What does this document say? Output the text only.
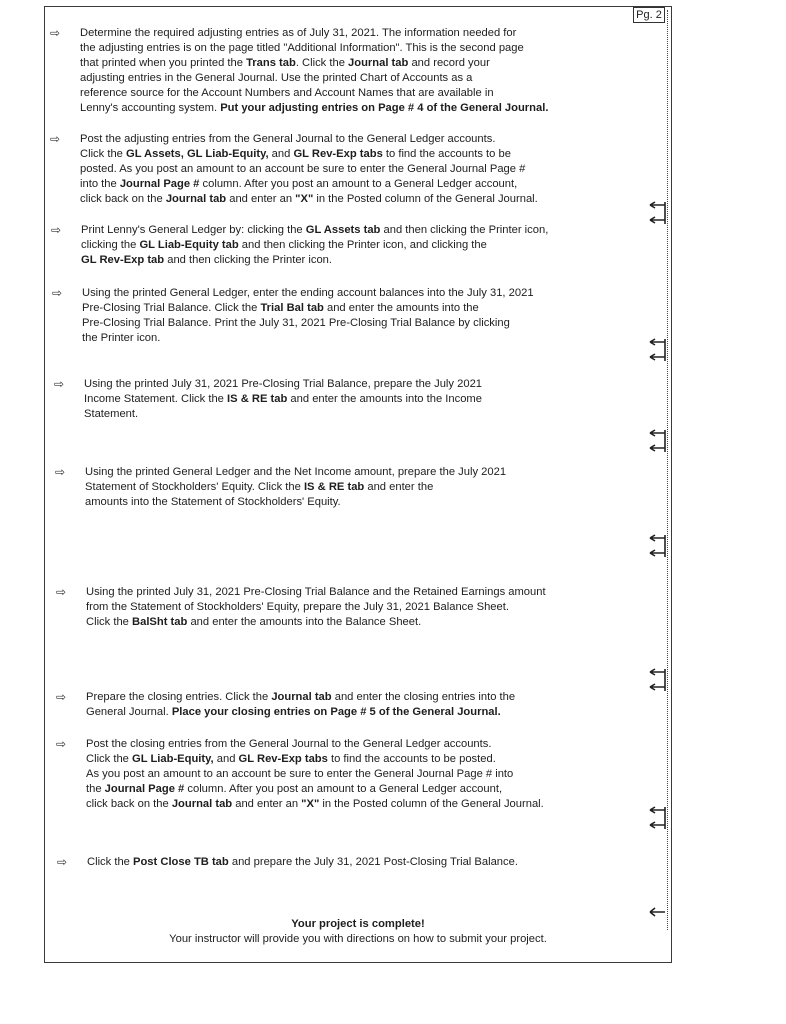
Pg. 2
⇨ Determine the required adjusting entries as of July 31, 2021. The information needed for
the adjusting entries is on the page titled "Additional Information". This is the second page
that printed when you printed the Trans tab. Click the Journal tab and record your
adjusting entries in the General Journal. Use the printed Chart of Accounts as a
reference source for the Account Numbers and Account Names that are available in
Lenny's accounting system. Put your adjusting entries on Page # 4 of the General Journal.
⇨ Post the adjusting entries from the General Journal to the General Ledger accounts.
Click the GL Assets, GL Liab-Equity, and GL Rev-Exp tabs to find the accounts to be
posted. As you post an amount to an account be sure to enter the General Journal Page #
into the Journal Page # column. After you post an amount to a General Ledger account,
click back on the Journal tab and enter an "X" in the Posted column of the General Journal.
⇨ Print Lenny's General Ledger by: clicking the GL Assets tab and then clicking the Printer icon,
clicking the GL Liab-Equity tab and then clicking the Printer icon, and clicking the
GL Rev-Exp tab and then clicking the Printer icon.
⇨ Using the printed General Ledger, enter the ending account balances into the July 31, 2021
Pre-Closing Trial Balance. Click the Trial Bal tab and enter the amounts into the
Pre-Closing Trial Balance. Print the July 31, 2021 Pre-Closing Trial Balance by clicking
the Printer icon.
⇨ Using the printed July 31, 2021 Pre-Closing Trial Balance, prepare the July 2021
Income Statement. Click the IS & RE tab and enter the amounts into the Income
Statement.
⇨ Using the printed General Ledger and the Net Income amount, prepare the July 2021
Statement of Stockholders' Equity. Click the IS & RE tab and enter the
amounts into the Statement of Stockholders' Equity.
⇨ Using the printed July 31, 2021 Pre-Closing Trial Balance and the Retained Earnings amount
from the Statement of Stockholders' Equity, prepare the July 31, 2021 Balance Sheet.
Click the BalSht tab and enter the amounts into the Balance Sheet.
⇨ Prepare the closing entries. Click the Journal tab and enter the closing entries into the
General Journal. Place your closing entries on Page # 5 of the General Journal.
⇨ Post the closing entries from the General Journal to the General Ledger accounts.
Click the GL Liab-Equity, and GL Rev-Exp tabs to find the accounts to be posted.
As you post an amount to an account be sure to enter the General Journal Page # into
the Journal Page # column. After you post an amount to a General Ledger account,
click back on the Journal tab and enter an "X" in the Posted column of the General Journal.
⇨ Click the Post Close TB tab and prepare the July 31, 2021 Post-Closing Trial Balance.
Your project is complete!
Your instructor will provide you with directions on how to submit your project.
